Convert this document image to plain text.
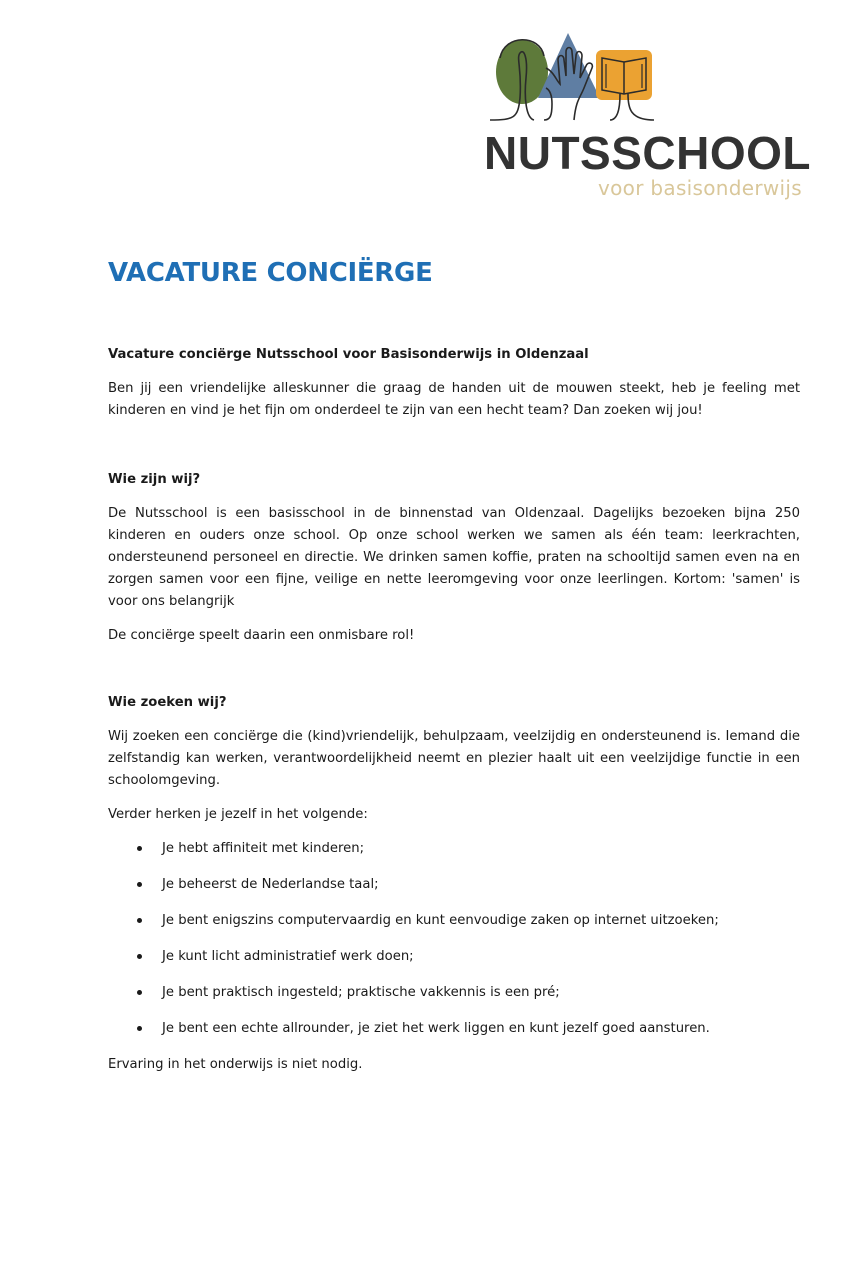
NUTSSCHOOL
voor basisonderwijs
VACATURE CONCIËRGE

Vacature conciërge Nutsschool voor Basisonderwijs in Oldenzaal

Ben jij een vriendelijke alleskunner die graag de handen uit de mouwen steekt, heb je feeling met kinderen en vind je het fijn om onderdeel te zijn van een hecht team? Dan zoeken wij jou!

Wie zijn wij?

De Nutsschool is een basisschool in de binnenstad van Oldenzaal. Dagelijks bezoeken bijna 250 kinderen en ouders onze school. Op onze school werken we samen als één team: leerkrachten, ondersteunend personeel en directie. We drinken samen koffie, praten na schooltijd samen even na en zorgen samen voor een fijne, veilige en nette leeromgeving voor onze leerlingen. Kortom: 'samen' is voor ons belangrijk

De conciërge speelt daarin een onmisbare rol!

Wie zoeken wij?

Wij zoeken een conciërge die (kind)vriendelijk, behulpzaam, veelzijdig en ondersteunend is. Iemand die zelfstandig kan werken, verantwoordelijkheid neemt en plezier haalt uit een veelzijdige functie in een schoolomgeving.

Verder herken je jezelf in het volgende:

Je hebt affiniteit met kinderen;
Je beheerst de Nederlandse taal;
Je bent enigszins computervaardig en kunt eenvoudige zaken op internet uitzoeken;
Je kunt licht administratief werk doen;
Je bent praktisch ingesteld; praktische vakkennis is een pré;
Je bent een echte allrounder, je ziet het werk liggen en kunt jezelf goed aansturen.

Ervaring in het onderwijs is niet nodig.
